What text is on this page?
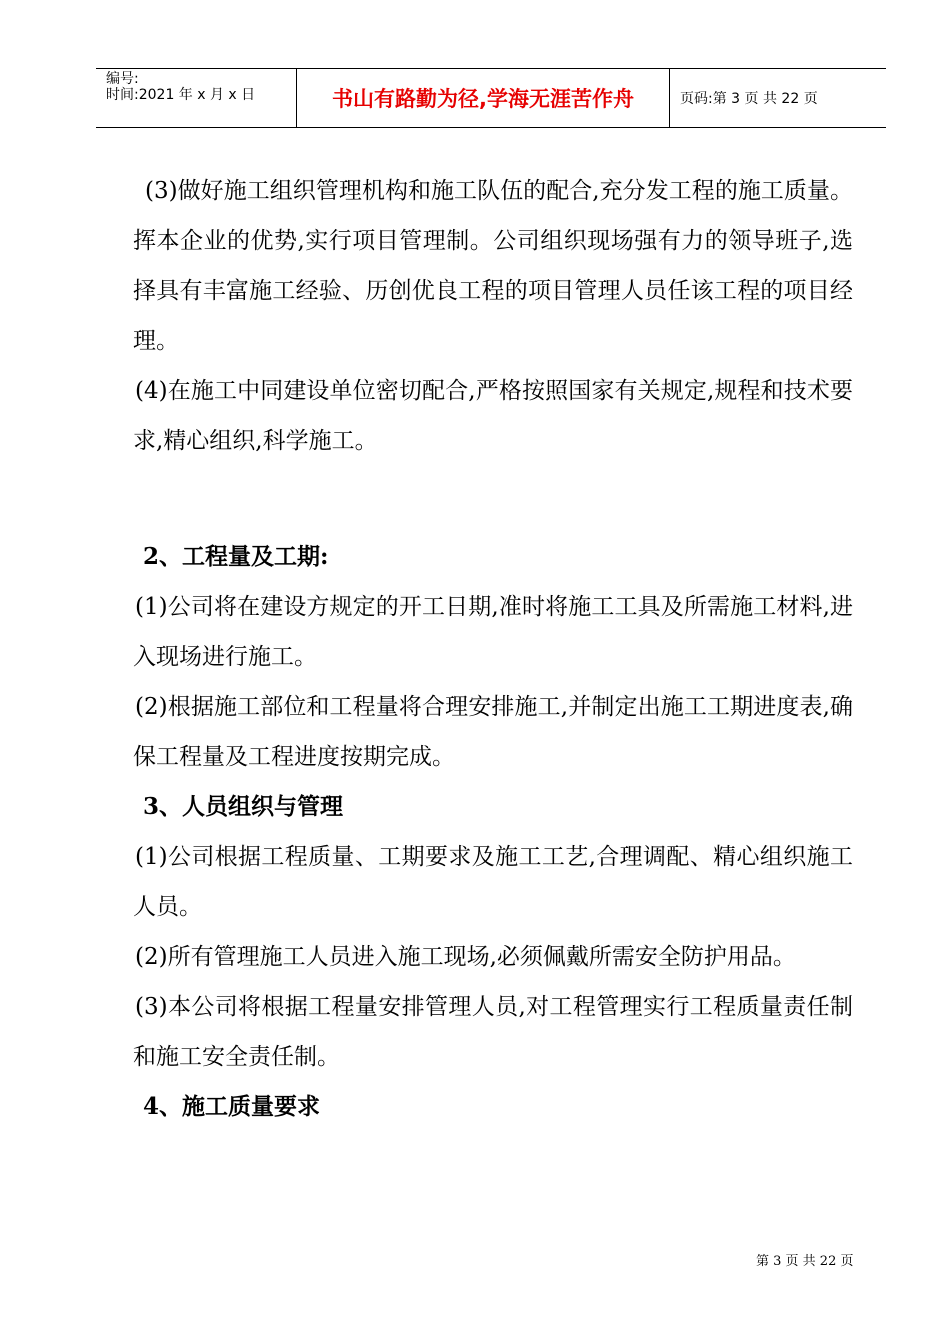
编号:
时间:2021 年 x 月 x 日	书山有路勤为径,学海无涯苦作舟	页码:第 3 页 共 22 页

(3)做好施工组织管理机构和施工队伍的配合,充分发工程的施工质量。挥本企业的优势,实行项目管理制。公司组织现场强有力的领导班子,选择具有丰富施工经验、历创优良工程的项目管理人员任该工程的项目经理。

(4)在施工中同建设单位密切配合,严格按照国家有关规定,规程和技术要求,精心组织,科学施工。

2、工程量及工期:

(1)公司将在建设方规定的开工日期,准时将施工工具及所需施工材料,进入现场进行施工。

(2)根据施工部位和工程量将合理安排施工,并制定出施工工期进度表,确保工程量及工程进度按期完成。

3、人员组织与管理

(1)公司根据工程质量、工期要求及施工工艺,合理调配、精心组织施工人员。

(2)所有管理施工人员进入施工现场,必须佩戴所需安全防护用品。

(3)本公司将根据工程量安排管理人员,对工程管理实行工程质量责任制和施工安全责任制。

4、施工质量要求

第 3 页 共 22 页
